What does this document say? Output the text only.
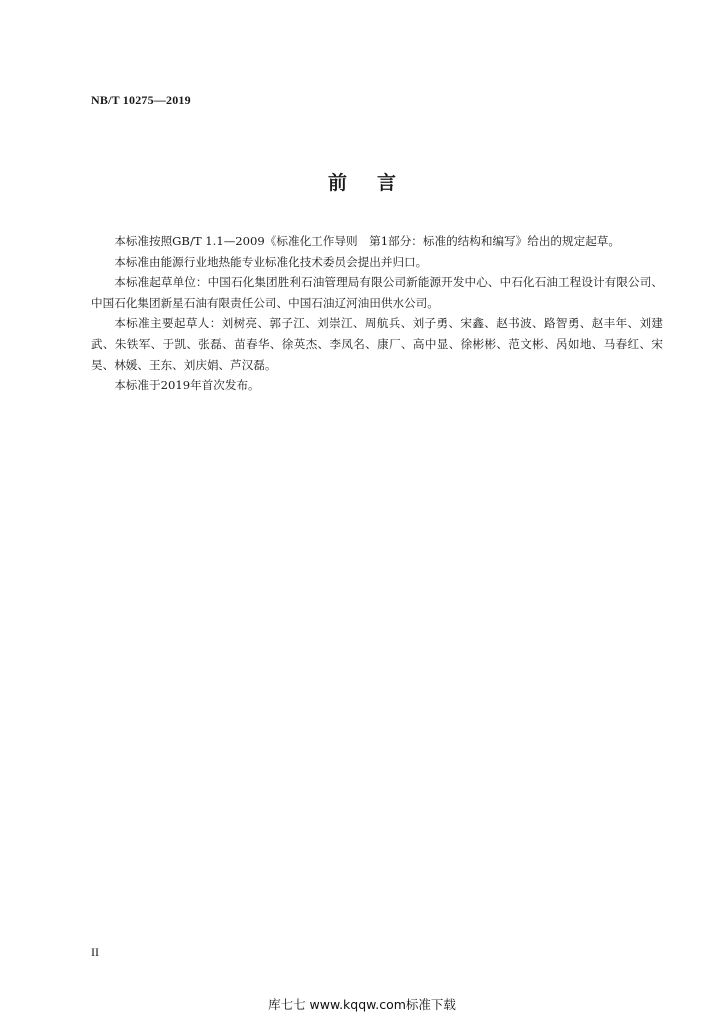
NB/T 10275—2019
前言

本标准按照GB/T 1.1—2009《标准化工作导则　第1部分：标准的结构和编写》给出的规定起草。

本标准由能源行业地热能专业标准化技术委员会提出并归口。

本标准起草单位：中国石化集团胜利石油管理局有限公司新能源开发中心、中石化石油工程设计有限公司、中国石化集团新星石油有限责任公司、中国石油辽河油田供水公司。

本标准主要起草人：刘树亮、郭子江、刘崇江、周航兵、刘子勇、宋鑫、赵书波、路智勇、赵丰年、刘建武、朱铁军、于凯、张磊、苗春华、徐英杰、李凤名、康厂、高中显、徐彬彬、范文彬、呙如地、马春红、宋昊、林媛、王东、刘庆娟、芦汉磊。

本标准于2019年首次发布。

II
库七七 www.kqqw.com标准下载
